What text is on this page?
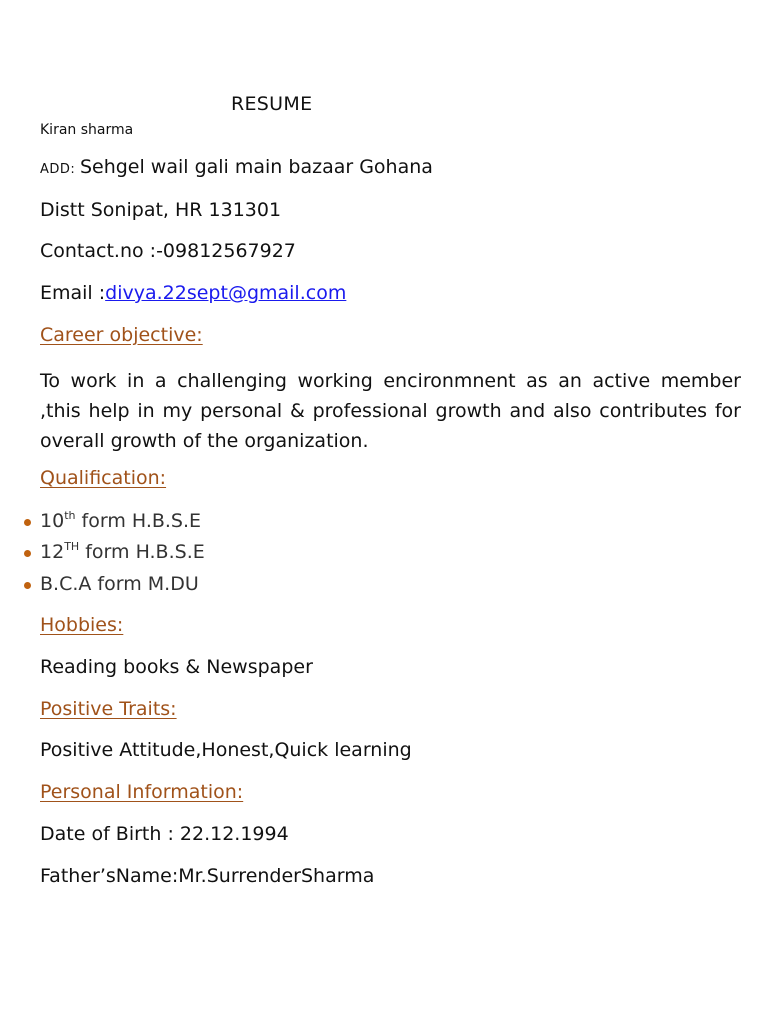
RESUME
Kiran sharma
ADD: Sehgel wail gali main bazaar Gohana
Distt Sonipat, HR 131301
Contact.no :-09812567927
Email :divya.22sept@gmail.com
Career objective:
To work in a challenging working encironmnent as an active member ,this help in my personal & professional growth and also contributes for overall growth of the organization.
Qualification:
10th form H.B.S.E
12TH form H.B.S.E
B.C.A form M.DU
Hobbies:
Reading books & Newspaper
Positive Traits:
Positive Attitude,Honest,Quick learning
Personal Information:
Date of Birth : 22.12.1994
Father’sName:Mr.SurrenderSharma
